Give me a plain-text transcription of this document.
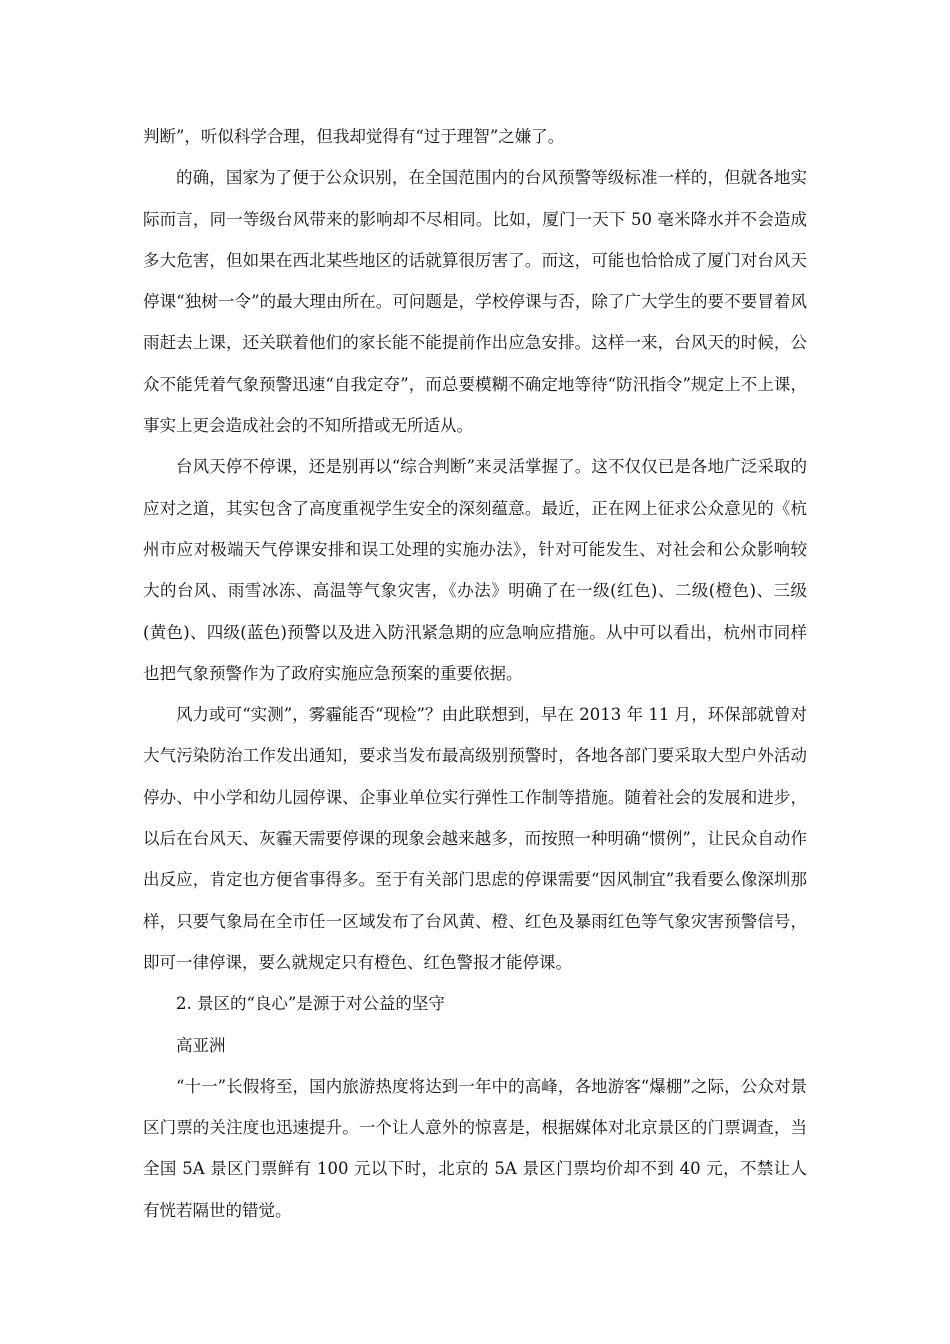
判断”，听似科学合理，但我却觉得有“过于理智”之嫌了。

的确，国家为了便于公众识别，在全国范围内的台风预警等级标准一样的，但就各地实际而言，同一等级台风带来的影响却不尽相同。比如，厦门一天下 50 毫米降水并不会造成多大危害，但如果在西北某些地区的话就算很厉害了。而这，可能也恰恰成了厦门对台风天停课“独树一令”的最大理由所在。可问题是，学校停课与否，除了广大学生的要不要冒着风雨赶去上课，还关联着他们的家长能不能提前作出应急安排。这样一来，台风天的时候，公众不能凭着气象预警迅速“自我定夺”，而总要模糊不确定地等待“防汛指令”规定上不上课，事实上更会造成社会的不知所措或无所适从。

台风天停不停课，还是别再以“综合判断”来灵活掌握了。这不仅仅已是各地广泛采取的应对之道，其实包含了高度重视学生安全的深刻蕴意。最近，正在网上征求公众意见的《杭州市应对极端天气停课安排和误工处理的实施办法》，针对可能发生、对社会和公众影响较大的台风、雨雪冰冻、高温等气象灾害，《办法》明确了在一级(红色)、二级(橙色)、三级(黄色)、四级(蓝色)预警以及进入防汛紧急期的应急响应措施。从中可以看出，杭州市同样也把气象预警作为了政府实施应急预案的重要依据。

风力或可“实测”，雾霾能否“现检”？由此联想到，早在 2013 年 11 月，环保部就曾对大气污染防治工作发出通知，要求当发布最高级别预警时，各地各部门要采取大型户外活动停办、中小学和幼儿园停课、企事业单位实行弹性工作制等措施。随着社会的发展和进步，以后在台风天、灰霾天需要停课的现象会越来越多，而按照一种明确“惯例”，让民众自动作出反应，肯定也方便省事得多。至于有关部门思虑的停课需要“因风制宜”我看要么像深圳那样，只要气象局在全市任一区域发布了台风黄、橙、红色及暴雨红色等气象灾害预警信号，即可一律停课，要么就规定只有橙色、红色警报才能停课。

2. 景区的“良心”是源于对公益的坚守

高亚洲

“十一”长假将至，国内旅游热度将达到一年中的高峰，各地游客“爆棚”之际，公众对景区门票的关注度也迅速提升。一个让人意外的惊喜是，根据媒体对北京景区的门票调查，当全国 5A 景区门票鲜有 100 元以下时，北京的 5A 景区门票均价却不到 40 元，不禁让人有恍若隔世的错觉。
